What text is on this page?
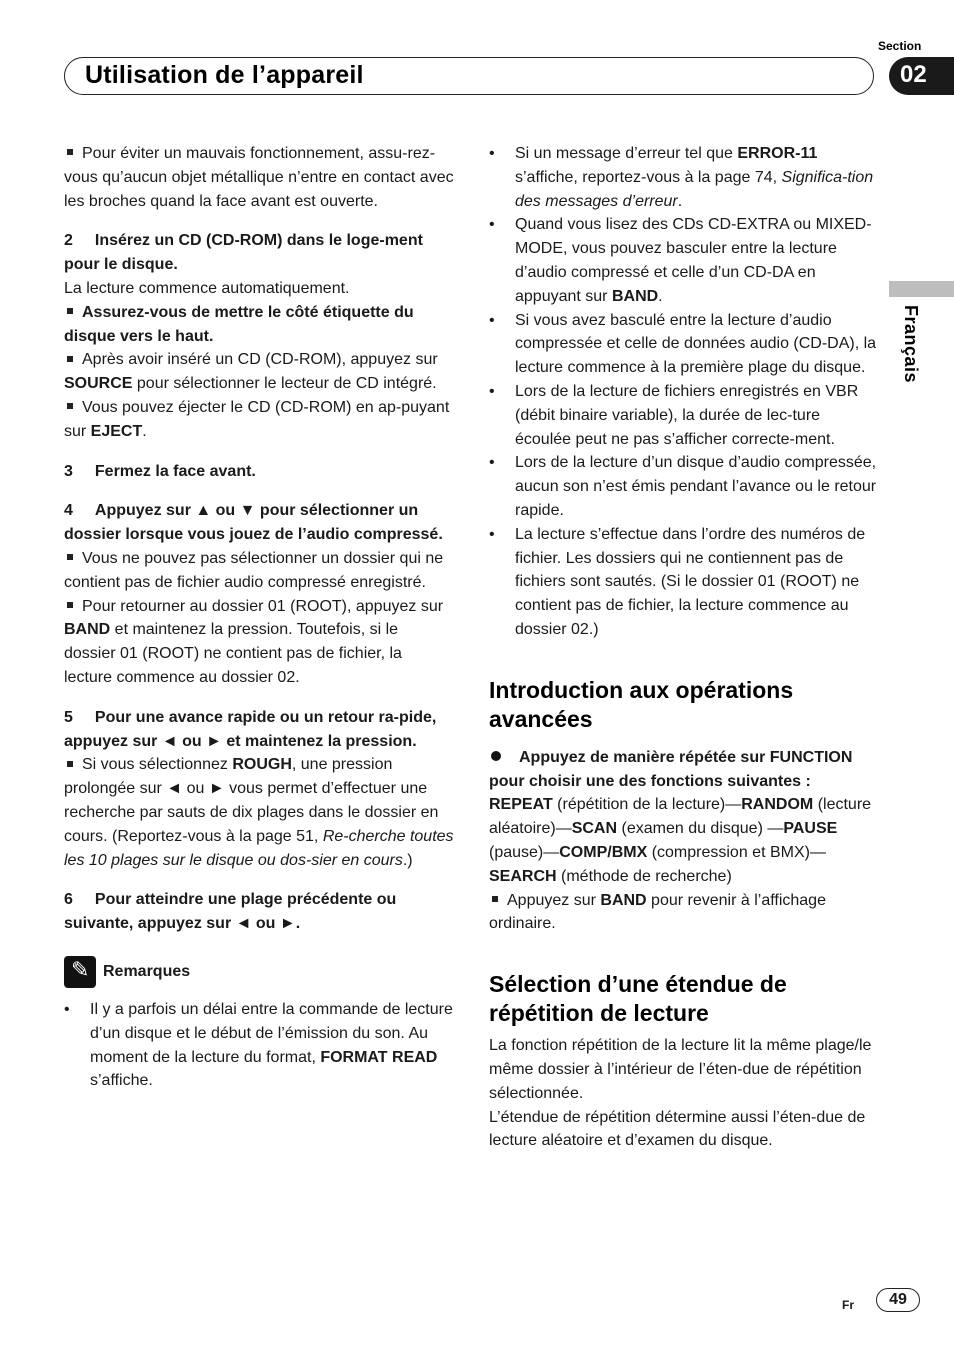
Utilisation de l’appareil
Section
02
Français

Pour éviter un mauvais fonctionnement, assu-rez-vous qu’aucun objet métallique n’entre en contact avec les broches quand la face avant est ouverte.

2 Insérez un CD (CD-ROM) dans le loge-ment pour le disque.

La lecture commence automatiquement.

Assurez-vous de mettre le côté étiquette du disque vers le haut.

Après avoir inséré un CD (CD-ROM), appuyez sur SOURCE pour sélectionner le lecteur de CD intégré.

Vous pouvez éjecter le CD (CD-ROM) en ap-puyant sur EJECT.

3 Fermez la face avant.

4 Appuyez sur ▲ ou ▼ pour sélectionner un dossier lorsque vous jouez de l’audio compressé.

Vous ne pouvez pas sélectionner un dossier qui ne contient pas de fichier audio compressé enregistré.

Pour retourner au dossier 01 (ROOT), appuyez sur BAND et maintenez la pression. Toutefois, si le dossier 01 (ROOT) ne contient pas de fichier, la lecture commence au dossier 02.

5 Pour une avance rapide ou un retour ra-pide, appuyez sur ◄ ou ► et maintenez la pression.

Si vous sélectionnez ROUGH, une pression prolongée sur ◄ ou ► vous permet d’effectuer une recherche par sauts de dix plages dans le dossier en cours. (Reportez-vous à la page 51, Re-cherche toutes les 10 plages sur le disque ou dos-sier en cours.)

6 Pour atteindre une plage précédente ou suivante, appuyez sur ◄ ou ►.

✎ Remarques

• Il y a parfois un délai entre la commande de lecture d’un disque et le début de l’émission du son. Au moment de la lecture du format, FORMAT READ s’affiche.

• Si un message d’erreur tel que ERROR-11 s’affiche, reportez-vous à la page 74, Significa-tion des messages d’erreur.

• Quand vous lisez des CDs CD-EXTRA ou MIXED-MODE, vous pouvez basculer entre la lecture d’audio compressé et celle d’un CD-DA en appuyant sur BAND.

• Si vous avez basculé entre la lecture d’audio compressée et celle de données audio (CD-DA), la lecture commence à la première plage du disque.

• Lors de la lecture de fichiers enregistrés en VBR (débit binaire variable), la durée de lec-ture écoulée peut ne pas s’afficher correcte-ment.

• Lors de la lecture d’un disque d’audio compressée, aucun son n’est émis pendant l’avance ou le retour rapide.

• La lecture s’effectue dans l’ordre des numéros de fichier. Les dossiers qui ne contiennent pas de fichiers sont sautés. (Si le dossier 01 (ROOT) ne contient pas de fichier, la lecture commence au dossier 02.)

Introduction aux opérations avancées

Appuyez de manière répétée sur FUNCTION pour choisir une des fonctions suivantes :

REPEAT (répétition de la lecture)—RANDOM (lecture aléatoire)—SCAN (examen du disque) —PAUSE (pause)—COMP/BMX (compression et BMX)—SEARCH (méthode de recherche)

Appuyez sur BAND pour revenir à l’affichage ordinaire.

Sélection d’une étendue de répétition de lecture

La fonction répétition de la lecture lit la même plage/le même dossier à l’intérieur de l’éten-due de répétition sélectionnée.

L’étendue de répétition détermine aussi l’éten-due de lecture aléatoire et d’examen du disque.

Fr	49
